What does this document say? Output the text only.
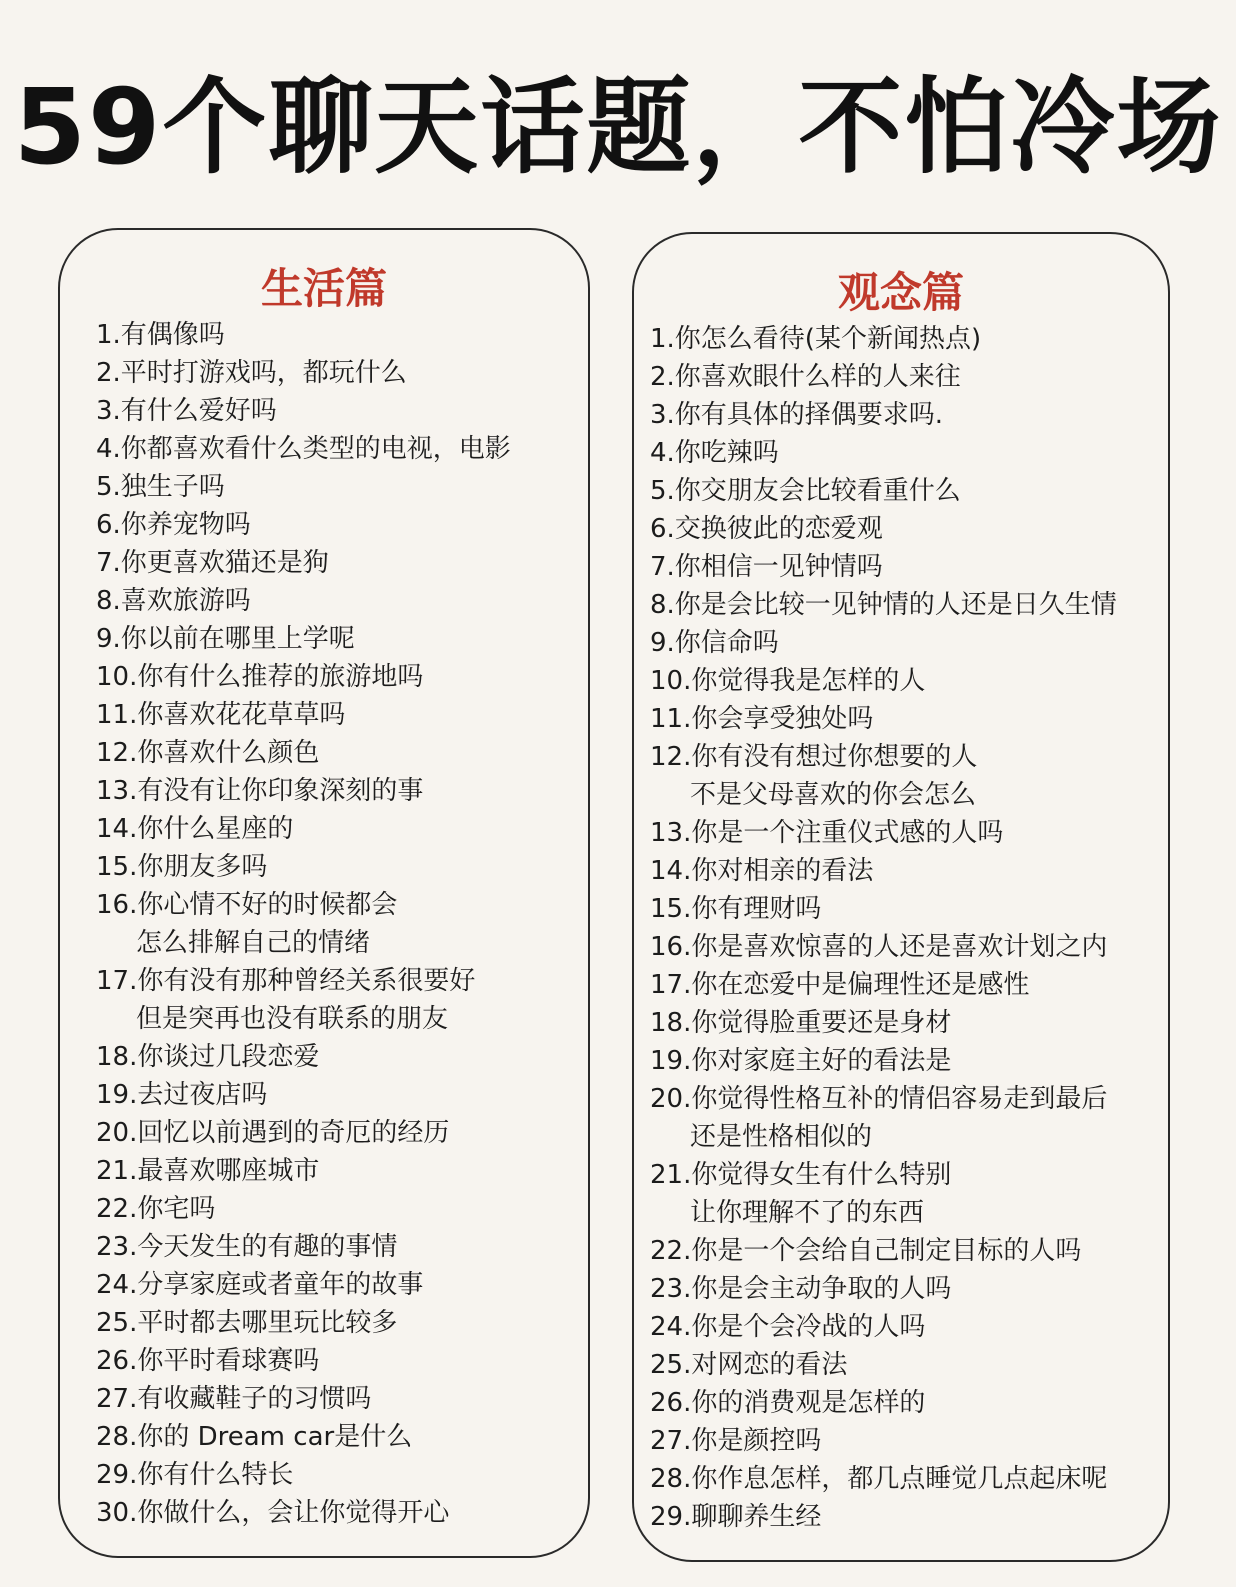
59个聊天话题，不怕冷场
生活篇
1.有偶像吗
2.平时打游戏吗，都玩什么
3.有什么爱好吗
4.你都喜欢看什么类型的电视，电影
5.独生子吗
6.你养宠物吗
7.你更喜欢猫还是狗
8.喜欢旅游吗
9.你以前在哪里上学呢
10.你有什么推荐的旅游地吗
11.你喜欢花花草草吗
12.你喜欢什么颜色
13.有没有让你印象深刻的事
14.你什么星座的
15.你朋友多吗
16.你心情不好的时候都会
怎么排解自己的情绪
17.你有没有那种曾经关系很要好
但是突再也没有联系的朋友
18.你谈过几段恋爱
19.去过夜店吗
20.回忆以前遇到的奇厄的经历
21.最喜欢哪座城市
22.你宅吗
23.今天发生的有趣的事情
24.分享家庭或者童年的故事
25.平时都去哪里玩比较多
26.你平时看球赛吗
27.有收藏鞋子的习惯吗
28.你的 Dream car是什么
29.你有什么特长
30.你做什么，会让你觉得开心
观念篇
1.你怎么看待(某个新闻热点)
2.你喜欢眼什么样的人来往
3.你有具体的择偶要求吗.
4.你吃辣吗
5.你交朋友会比较看重什么
6.交换彼此的恋爱观
7.你相信一见钟情吗
8.你是会比较一见钟情的人还是日久生情
9.你信命吗
10.你觉得我是怎样的人
11.你会享受独处吗
12.你有没有想过你想要的人
不是父母喜欢的你会怎么
13.你是一个注重仪式感的人吗
14.你对相亲的看法
15.你有理财吗
16.你是喜欢惊喜的人还是喜欢计划之内
17.你在恋爱中是偏理性还是感性
18.你觉得脸重要还是身材
19.你对家庭主好的看法是
20.你觉得性格互补的情侣容易走到最后
还是性格相似的
21.你觉得女生有什么特别
让你理解不了的东西
22.你是一个会给自己制定目标的人吗
23.你是会主动争取的人吗
24.你是个会冷战的人吗
25.对网恋的看法
26.你的消费观是怎样的
27.你是颜控吗
28.你作息怎样，都几点睡觉几点起床呢
29.聊聊养生经
